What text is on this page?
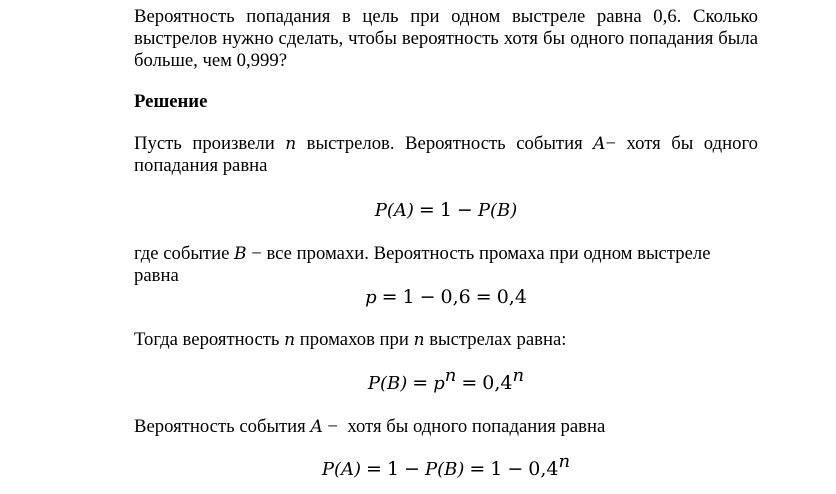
Вероятность попадания в цель при одном выстреле равна 0,6. Сколько
выстрелов нужно сделать, чтобы вероятность хотя бы одного попадания была
больше, чем 0,999?
Решение
Пусть произвели n выстрелов. Вероятность события A− хотя бы одного
попадания равна
P(A) = 1 − P(B)
где событие B − все промахи. Вероятность промаха при одном выстреле равна
p = 1 − 0,6 = 0,4
Тогда вероятность n промахов при n выстрелах равна:
P(B) = pn = 0,4n
Вероятность события A −  хотя бы одного попадания равна
P(A) = 1 − P(B) = 1 − 0,4n
